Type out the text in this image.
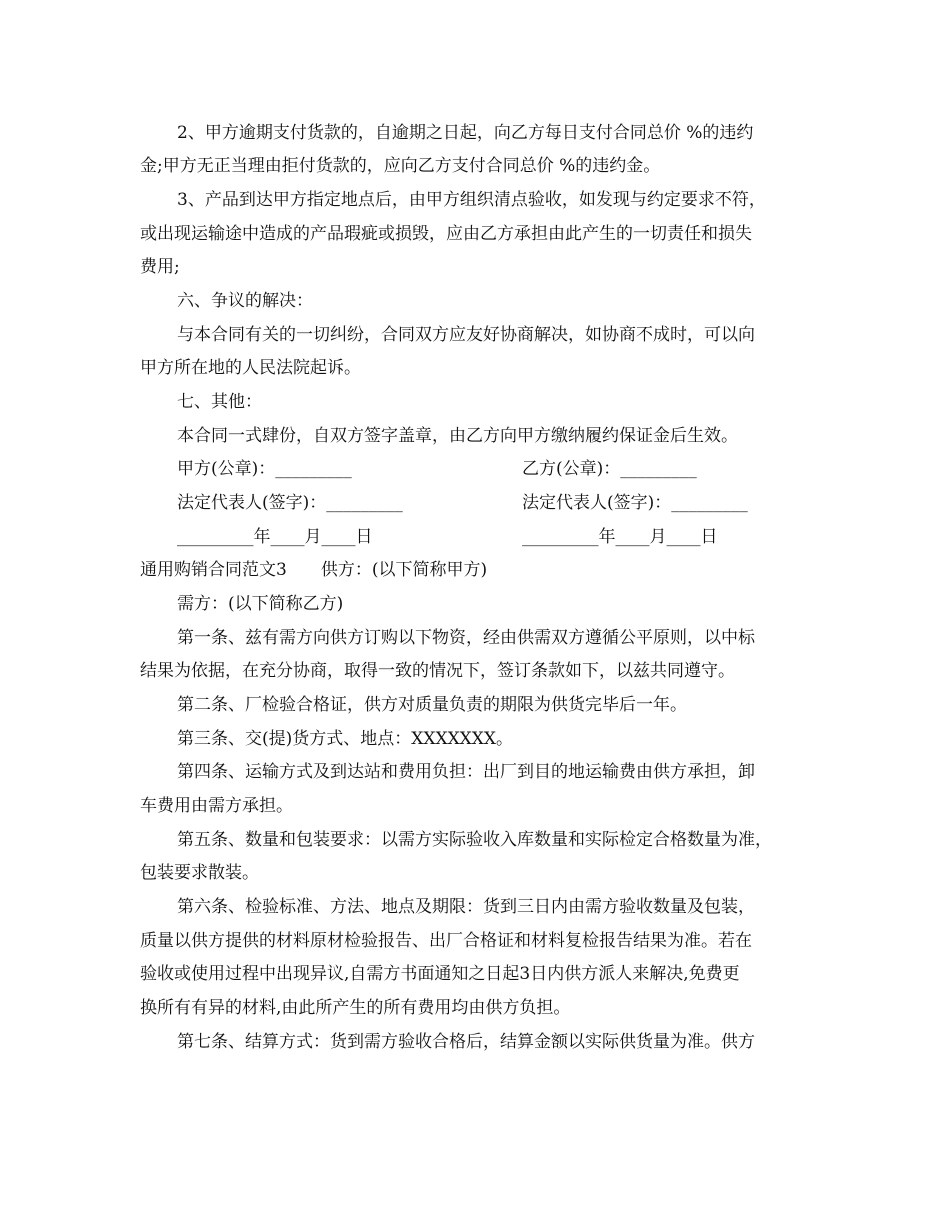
2、甲方逾期支付货款的，自逾期之日起，向乙方每日支付合同总价 %的违约
金;甲方无正当理由拒付货款的，应向乙方支付合同总价 %的违约金。
3、产品到达甲方指定地点后，由甲方组织清点验收，如发现与约定要求不符，
或出现运输途中造成的产品瑕疵或损毁，应由乙方承担由此产生的一切责任和损失
费用;
六、争议的解决：
与本合同有关的一切纠纷，合同双方应友好协商解决，如协商不成时，可以向
甲方所在地的人民法院起诉。
七、其他：
本合同一式肆份，自双方签字盖章，由乙方向甲方缴纳履约保证金后生效。
甲方(公章)：_________	乙方(公章)：_________
法定代表人(签字)：_________	法定代表人(签字)：_________
_________年____月____日	_________年____月____日
通用购销合同范文3　　供方：(以下简称甲方)
需方：(以下简称乙方)
第一条、兹有需方向供方订购以下物资，经由供需双方遵循公平原则，以中标
结果为依据，在充分协商，取得一致的情况下，签订条款如下，以兹共同遵守。
第二条、厂检验合格证，供方对质量负责的期限为供货完毕后一年。
第三条、交(提)货方式、地点：XXXXXXX。
第四条、运输方式及到达站和费用负担：出厂到目的地运输费由供方承担，卸
车费用由需方承担。
第五条、数量和包装要求：以需方实际验收入库数量和实际检定合格数量为准，
包装要求散装。
第六条、检验标准、方法、地点及期限：货到三日内由需方验收数量及包装，
质量以供方提供的材料原材检验报告、出厂合格证和材料复检报告结果为准。若在
验收或使用过程中出现异议,自需方书面通知之日起3日内供方派人来解决,免费更
换所有有异的材料,由此所产生的所有费用均由供方负担。
第七条、结算方式：货到需方验收合格后，结算金额以实际供货量为准。供方
